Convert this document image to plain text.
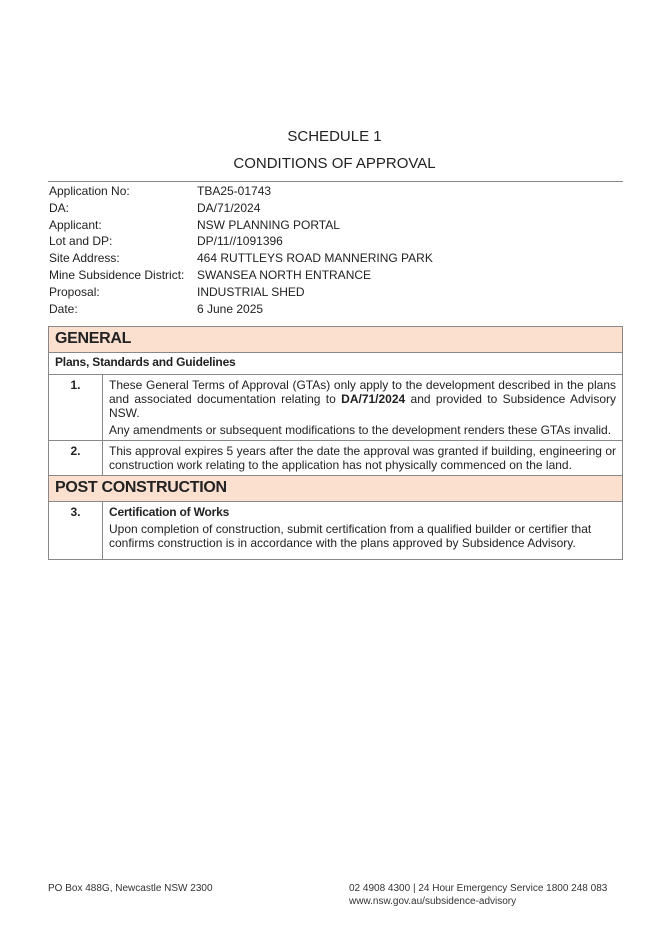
SCHEDULE 1
CONDITIONS OF APPROVAL
Application No:	TBA25-01743
DA:	DA/71/2024
Applicant:	NSW PLANNING PORTAL
Lot and DP:	DP/11//1091396
Site Address:	464 RUTTLEYS ROAD MANNERING PARK
Mine Subsidence District:	SWANSEA NORTH ENTRANCE
Proposal:	INDUSTRIAL SHED
Date:	6 June 2025
GENERAL	
Plans, Standards and Guidelines	
1.	These General Terms of Approval (GTAs) only apply to the development described in the plans and associated documentation relating to DA/71/2024 and provided to Subsidence Advisory NSW.

Any amendments or subsequent modifications to the development renders these GTAs invalid.

2.	This approval expires 5 years after the date the approval was granted if building, engineering or construction work relating to the application has not physically commenced on the land.

POST CONSTRUCTION	
3.	Certification of Works

Upon completion of construction, submit certification from a qualified builder or certifier that confirms construction is in accordance with the plans approved by Subsidence Advisory.

PO Box 488G, Newcastle NSW 2300	02 4908 4300 | 24 Hour Emergency Service 1800 248 083
www.nsw.gov.au/subsidence-advisory
